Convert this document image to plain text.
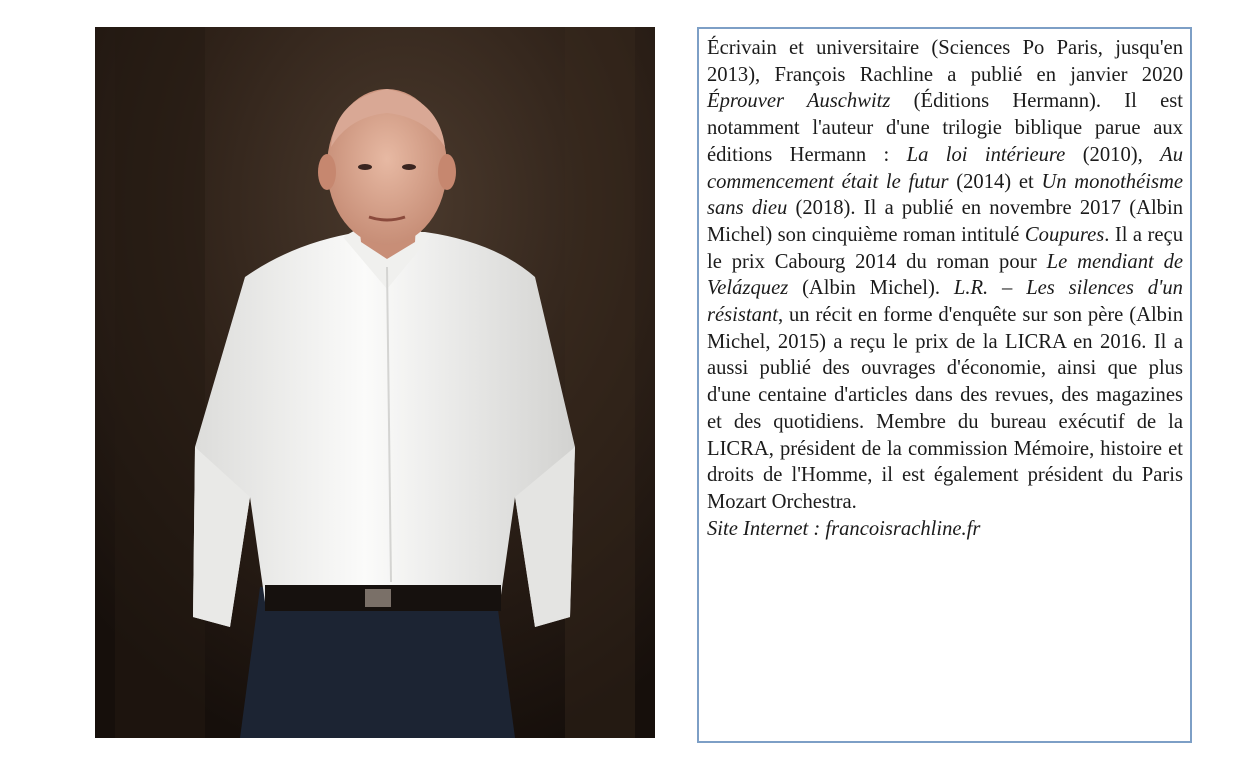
Écrivain et universitaire (Sciences Po Paris, jusqu'en 2013), François Rachline a publié en janvier 2020 Éprouver Auschwitz (Éditions Hermann). Il est notamment l'auteur d'une trilogie biblique parue aux éditions Hermann : La loi intérieure (2010), Au commencement était le futur (2014) et Un monothéisme sans dieu (2018). Il a publié en novembre 2017 (Albin Michel) son cinquième roman intitulé Coupures. Il a reçu le prix Cabourg 2014 du roman pour Le mendiant de Velázquez (Albin Michel). L.R. – Les silences d'un résistant, un récit en forme d'enquête sur son père (Albin Michel, 2015) a reçu le prix de la LICRA en 2016. Il a aussi publié des ouvrages d'économie, ainsi que plus d'une centaine d'articles dans des revues, des magazines et des quotidiens. Membre du bureau exécutif de la LICRA, président de la commission Mémoire, histoire et droits de l'Homme, il est également président du Paris Mozart Orchestra.

Site Internet : francoisrachline.fr
